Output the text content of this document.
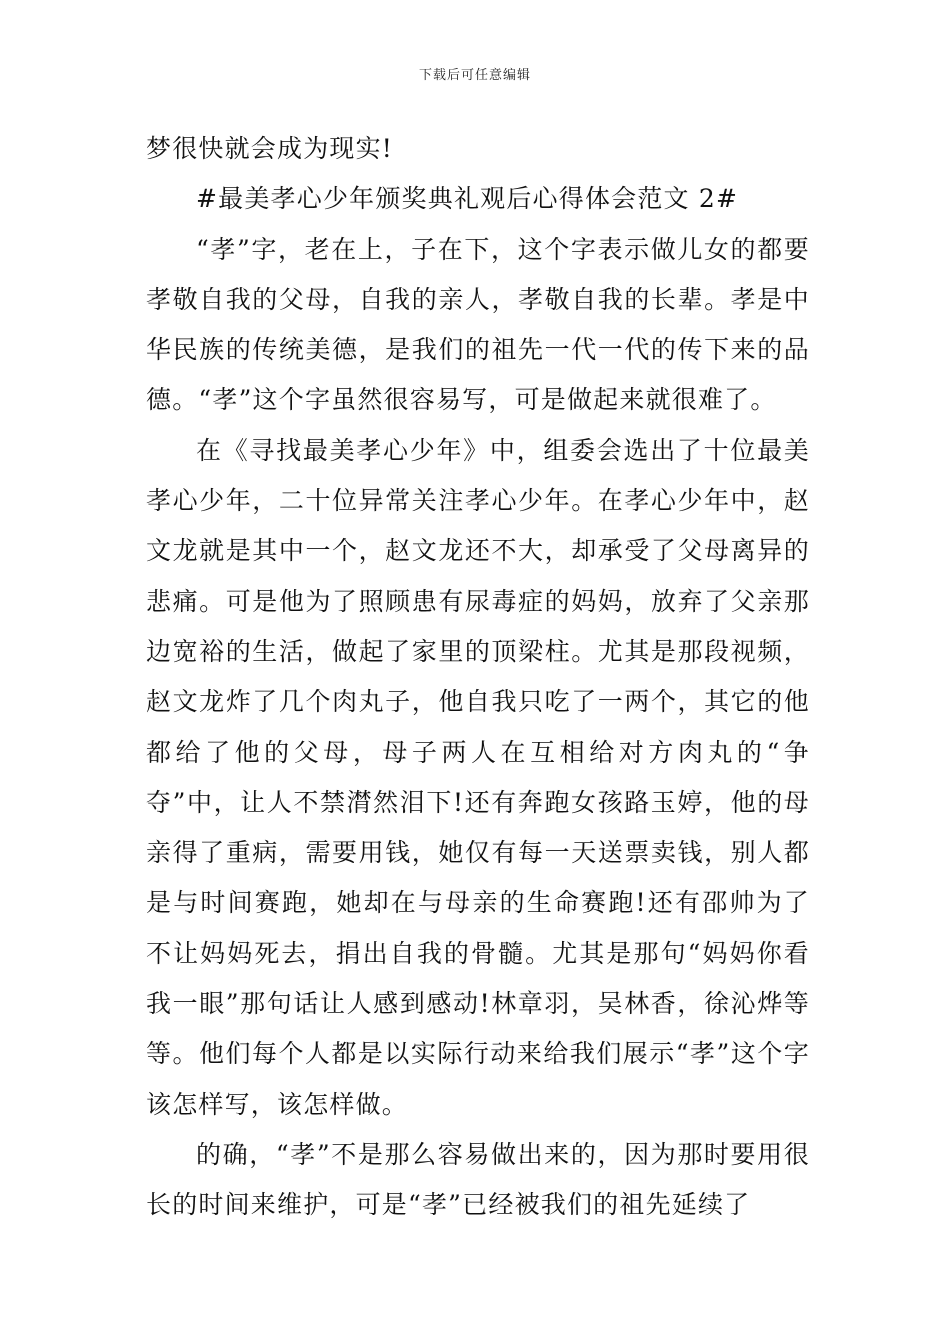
下载后可任意编辑

梦很快就会成为现实!

#最美孝心少年颁奖典礼观后心得体会范文 2#

“孝”字，老在上，子在下，这个字表示做儿女的都要孝敬自我的父母，自我的亲人，孝敬自我的长辈。孝是中华民族的传统美德，是我们的祖先一代一代的传下来的品德。“孝”这个字虽然很容易写，可是做起来就很难了。

在《寻找最美孝心少年》中，组委会选出了十位最美孝心少年，二十位异常关注孝心少年。在孝心少年中，赵文龙就是其中一个，赵文龙还不大，却承受了父母离异的悲痛。可是他为了照顾患有尿毒症的妈妈，放弃了父亲那边宽裕的生活，做起了家里的顶梁柱。尤其是那段视频，赵文龙炸了几个肉丸子，他自我只吃了一两个，其它的他都给了他的父母，母子两人在互相给对方肉丸的“争夺”中，让人不禁潸然泪下!还有奔跑女孩路玉婷，他的母亲得了重病，需要用钱，她仅有每一天送票卖钱，别人都是与时间赛跑，她却在与母亲的生命赛跑!还有邵帅为了不让妈妈死去，捐出自我的骨髓。尤其是那句“妈妈你看我一眼”那句话让人感到感动!林章羽，吴林香，徐沁烨等等。他们每个人都是以实际行动来给我们展示“孝”这个字该怎样写，该怎样做。

的确，“孝”不是那么容易做出来的，因为那时要用很长的时间来维护，可是“孝”已经被我们的祖先延续了
